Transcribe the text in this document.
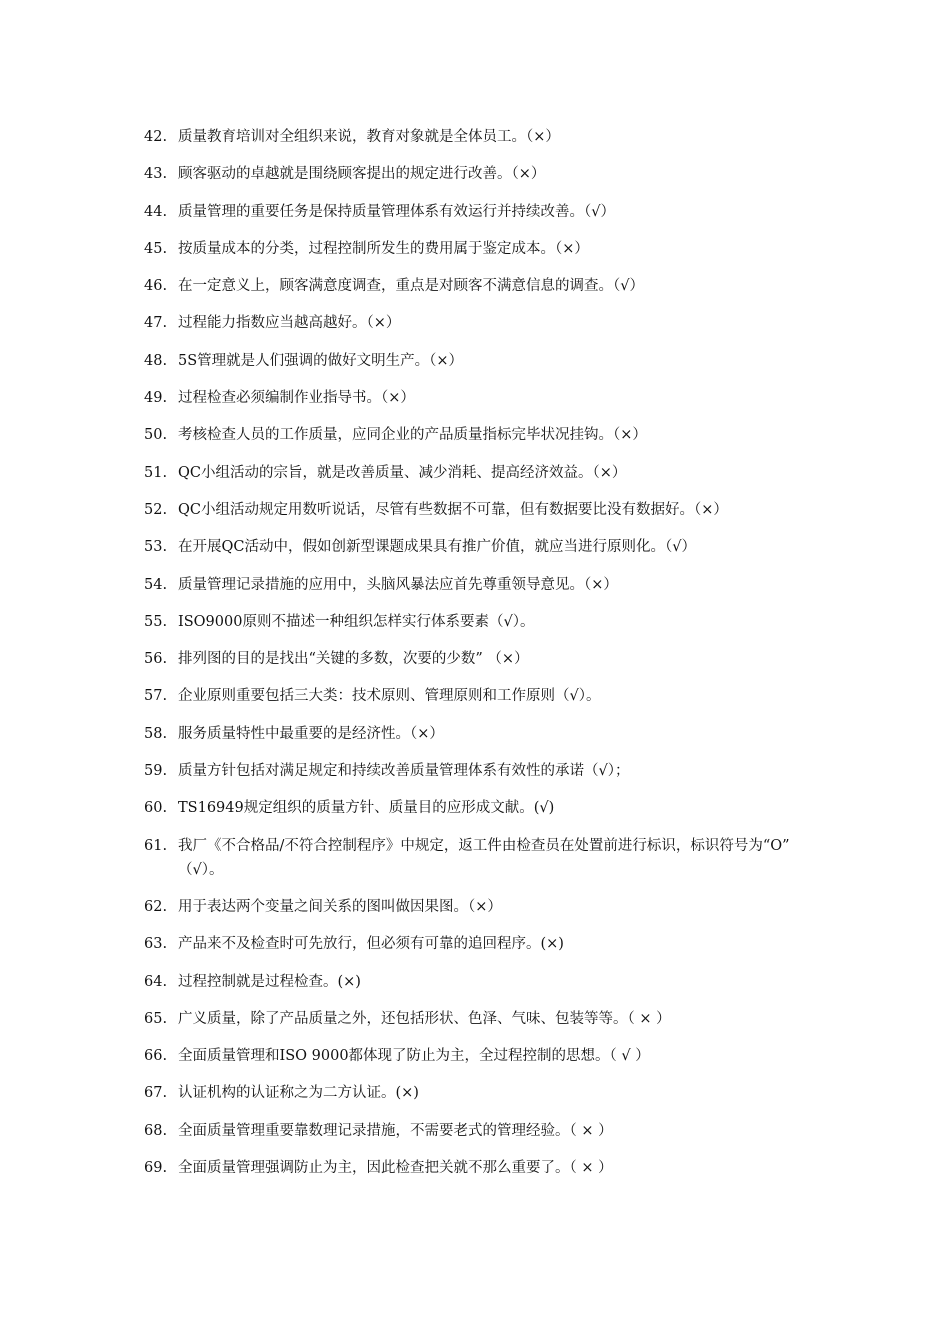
42. 质量教育培训对全组织来说，教育对象就是全体员工。（×）
43. 顾客驱动的卓越就是围绕顾客提出的规定进行改善。（×）
44. 质量管理的重要任务是保持质量管理体系有效运行并持续改善。（√）
45. 按质量成本的分类，过程控制所发生的费用属于鉴定成本。（×）
46. 在一定意义上，顾客满意度调查，重点是对顾客不满意信息的调查。（√）
47. 过程能力指数应当越高越好。（×）
48. 5S管理就是人们强调的做好文明生产。（×）
49. 过程检查必须编制作业指导书。（×）
50. 考核检查人员的工作质量，应同企业的产品质量指标完毕状况挂钩。（×）
51. QC小组活动的宗旨，就是改善质量、减少消耗、提高经济效益。（×）
52. QC小组活动规定用数听说话，尽管有些数据不可靠，但有数据要比没有数据好。（×）
53. 在开展QC活动中，假如创新型课题成果具有推广价值，就应当进行原则化。（√）
54. 质量管理记录措施的应用中，头脑风暴法应首先尊重领导意见。（×）
55. ISO9000原则不描述一种组织怎样实行体系要素（√）。
56. 排列图的目的是找出“关键的多数，次要的少数” （×）
57. 企业原则重要包括三大类：技术原则、管理原则和工作原则（√）。
58. 服务质量特性中最重要的是经济性。（×）
59. 质量方针包括对满足规定和持续改善质量管理体系有效性的承诺（√）；
60. TS16949规定组织的质量方针、质量目的应形成文献。(√)
61. 我厂《不合格品/不符合控制程序》中规定，返工件由检查员在处置前进行标识，标识符号为“O” （√）。
62. 用于表达两个变量之间关系的图叫做因果图。（×）
63. 产品来不及检查时可先放行，但必须有可靠的追回程序。(×)
64. 过程控制就是过程检查。(×)
65. 广义质量，除了产品质量之外，还包括形状、色泽、气味、包装等等。（ × ）
66. 全面质量管理和ISO 9000都体现了防止为主，全过程控制的思想。（ √ ）
67. 认证机构的认证称之为二方认证。(×)
68. 全面质量管理重要靠数理记录措施，不需要老式的管理经验。（ × ）
69. 全面质量管理强调防止为主，因此检查把关就不那么重要了。（ × ）
